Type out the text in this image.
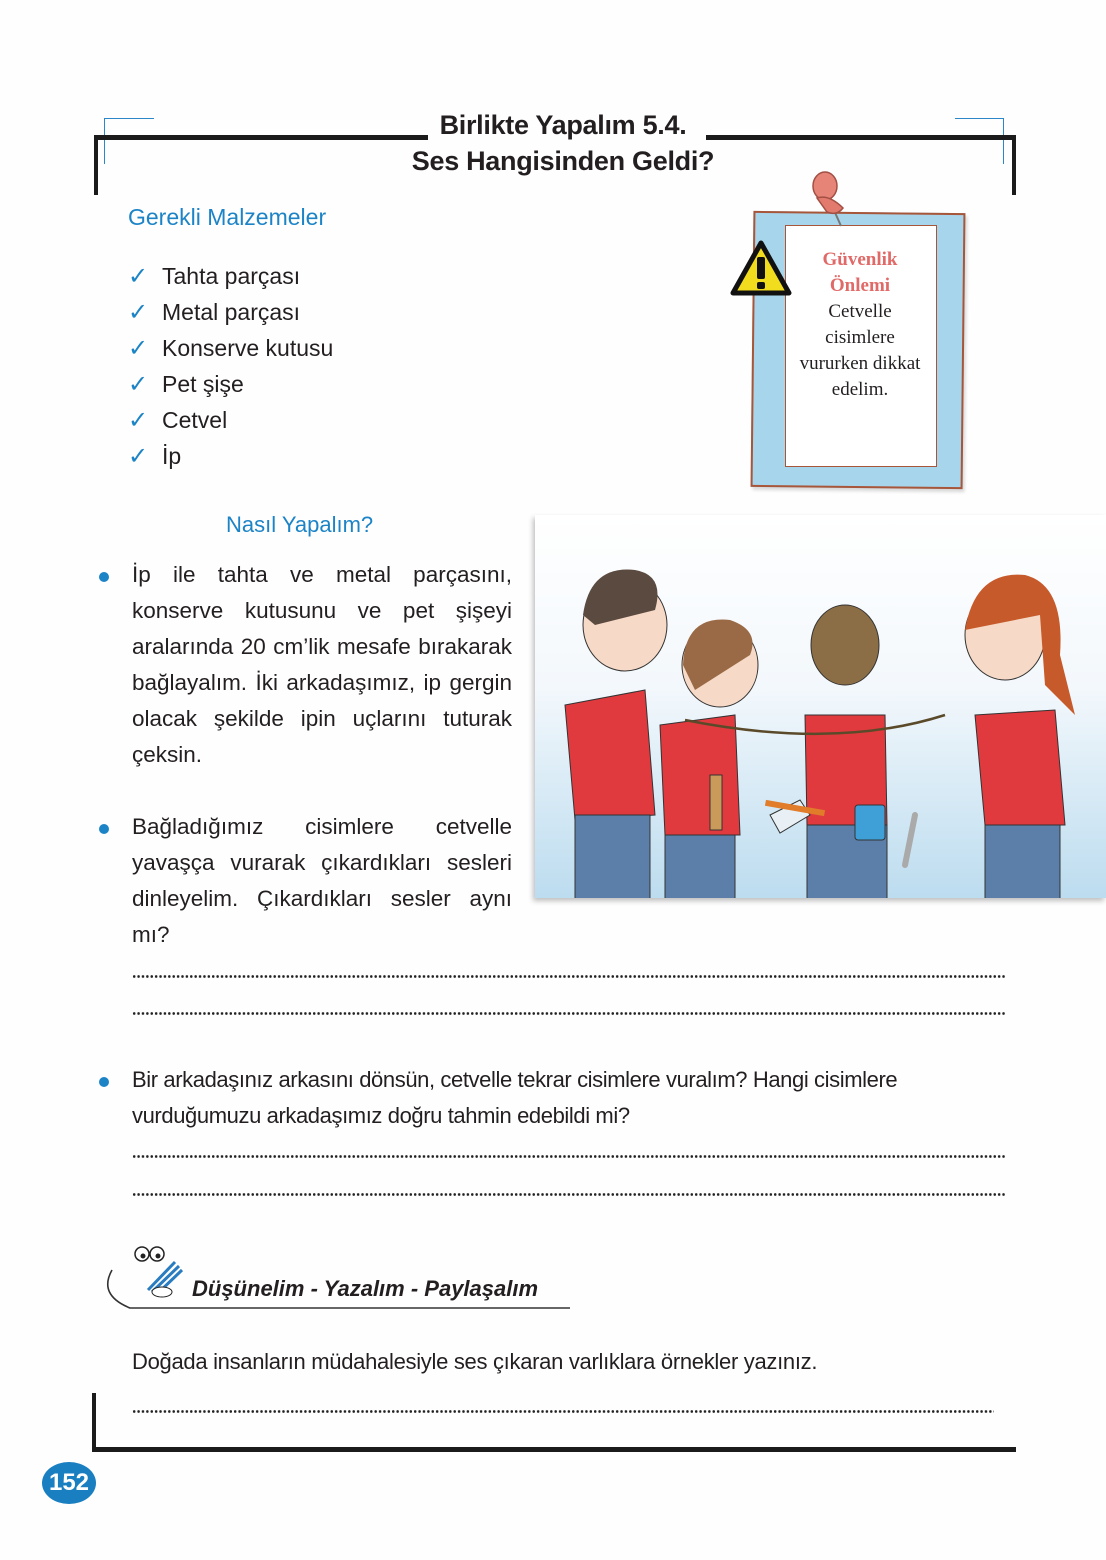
Birlikte Yapalım 5.4.
Ses Hangisinden Geldi?
Gerekli Malzemeler
✓ Tahta parçası
✓ Metal parçası
✓ Konserve kutusu
✓ Pet şişe
✓ Cetvel
✓ İp
Güvenlik
Önlemi
Cetvelle
cisimlere
vururken dikkat
edelim.
Nasıl Yapalım?
İp ile tahta ve metal parçasını, konserve kutusunu ve pet şişeyi aralarında 20 cm’lik mesafe bırakarak bağlayalım. İki arkadaşımız, ip gergin olacak şekilde ipin uçlarını tuturak çeksin.
Bağladığımız cisimlere cetvelle yavaşça vurarak çıkardıkları sesleri dinleyelim. Çıkardıkları sesler aynı mı?
Bir arkadaşınız arkasını dönsün, cetvelle tekrar cisimlere vuralım? Hangi cisimlere vurduğumuzu arkadaşımız doğru tahmin edebildi mi?
Düşünelim - Yazalım - Paylaşalım
Doğada insanların müdahalesiyle ses çıkaran varlıklara örnekler yazınız.
152
